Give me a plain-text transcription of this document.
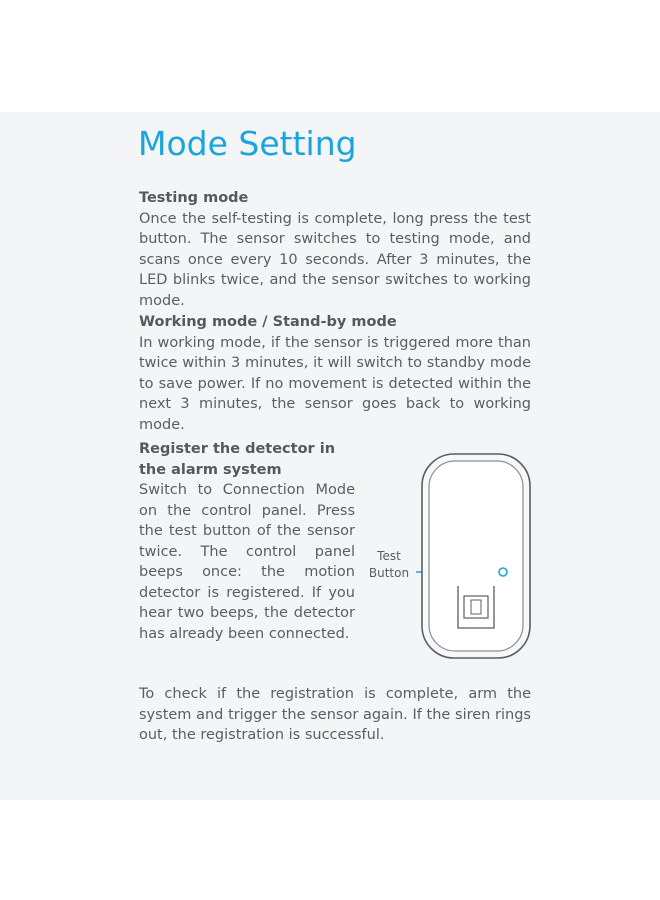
Mode Setting
Testing mode
Once the self-testing is complete, long press the test button. The sensor switches to testing mode, and scans once every 10 seconds. After 3 minutes, the LED blinks twice, and the sensor switches to working mode.
Working mode / Stand-by mode
In working mode, if the sensor is triggered more than twice within 3 minutes, it will switch to standby mode to save power. If no movement is detected within the next 3 minutes, the sensor goes back to working mode.
Register the detector in the alarm system
Switch to Connection Mode on the control panel. Press the test button of the sensor twice. The control panel beeps once: the motion detector is registered. If you hear two beeps, the detector has already been connected.
To check if the registration is complete, arm the system and trigger the sensor again. If the siren rings out, the registration is successful.
Test
Button
